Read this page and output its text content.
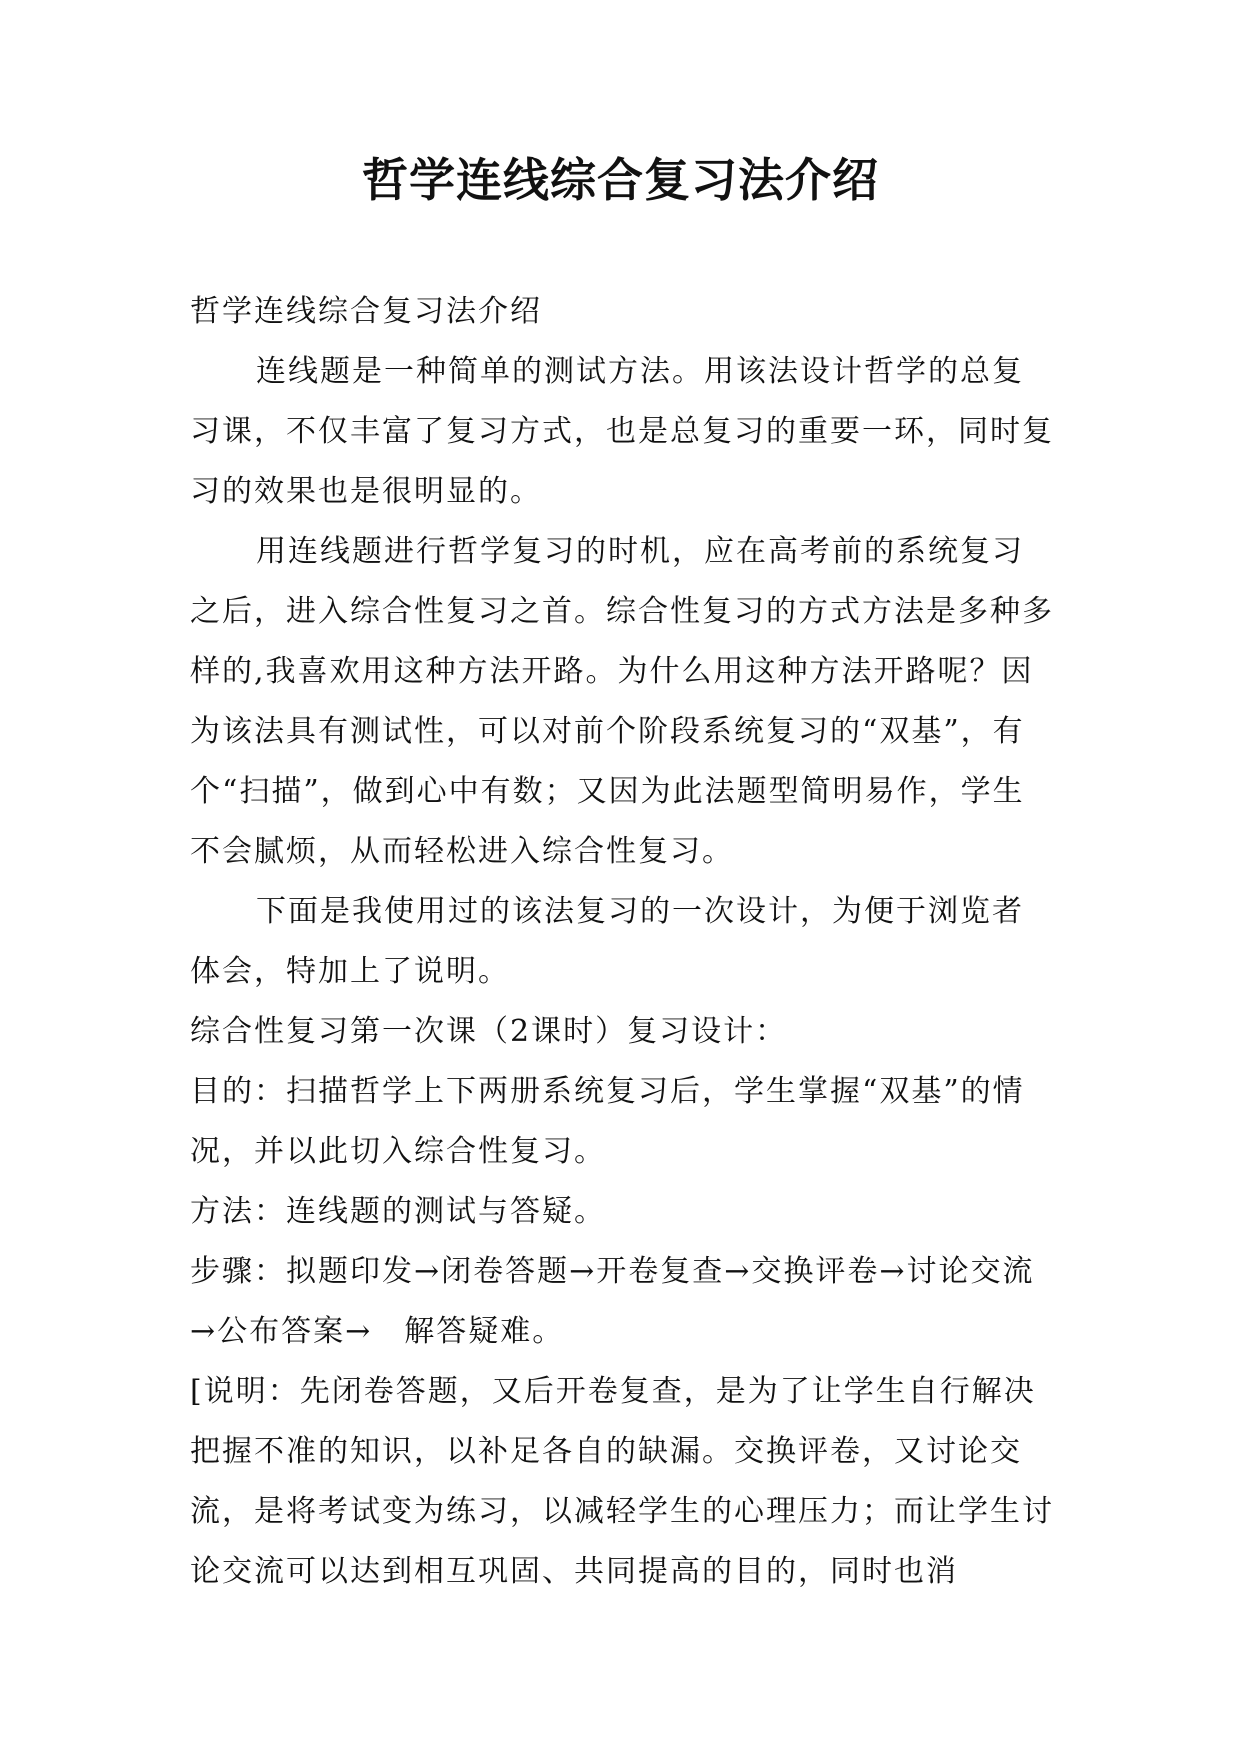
哲学连线综合复习法介绍

哲学连线综合复习法介绍

连线题是一种简单的测试方法。用该法设计哲学的总复习课，不仅丰富了复习方式，也是总复习的重要一环，同时复习的效果也是很明显的。

用连线题进行哲学复习的时机，应在高考前的系统复习之后，进入综合性复习之首。综合性复习的方式方法是多种多样的,我喜欢用这种方法开路。为什么用这种方法开路呢？因为该法具有测试性，可以对前个阶段系统复习的“双基”，有个“扫描”，做到心中有数；又因为此法题型简明易作，学生不会腻烦，从而轻松进入综合性复习。

下面是我使用过的该法复习的一次设计，为便于浏览者体会，特加上了说明。

综合性复习第一次课（2课时）复习设计：

目的：扫描哲学上下两册系统复习后，学生掌握“双基”的情况，并以此切入综合性复习。

方法：连线题的测试与答疑。

步骤：拟题印发→闭卷答题→开卷复查→交换评卷→讨论交流→公布答案→　解答疑难。

[说明：先闭卷答题，又后开卷复查，是为了让学生自行解决把握不准的知识，以补足各自的缺漏。交换评卷，又讨论交流，是将考试变为练习，以减轻学生的心理压力；而让学生讨论交流可以达到相互巩固、共同提高的目的，同时也消
